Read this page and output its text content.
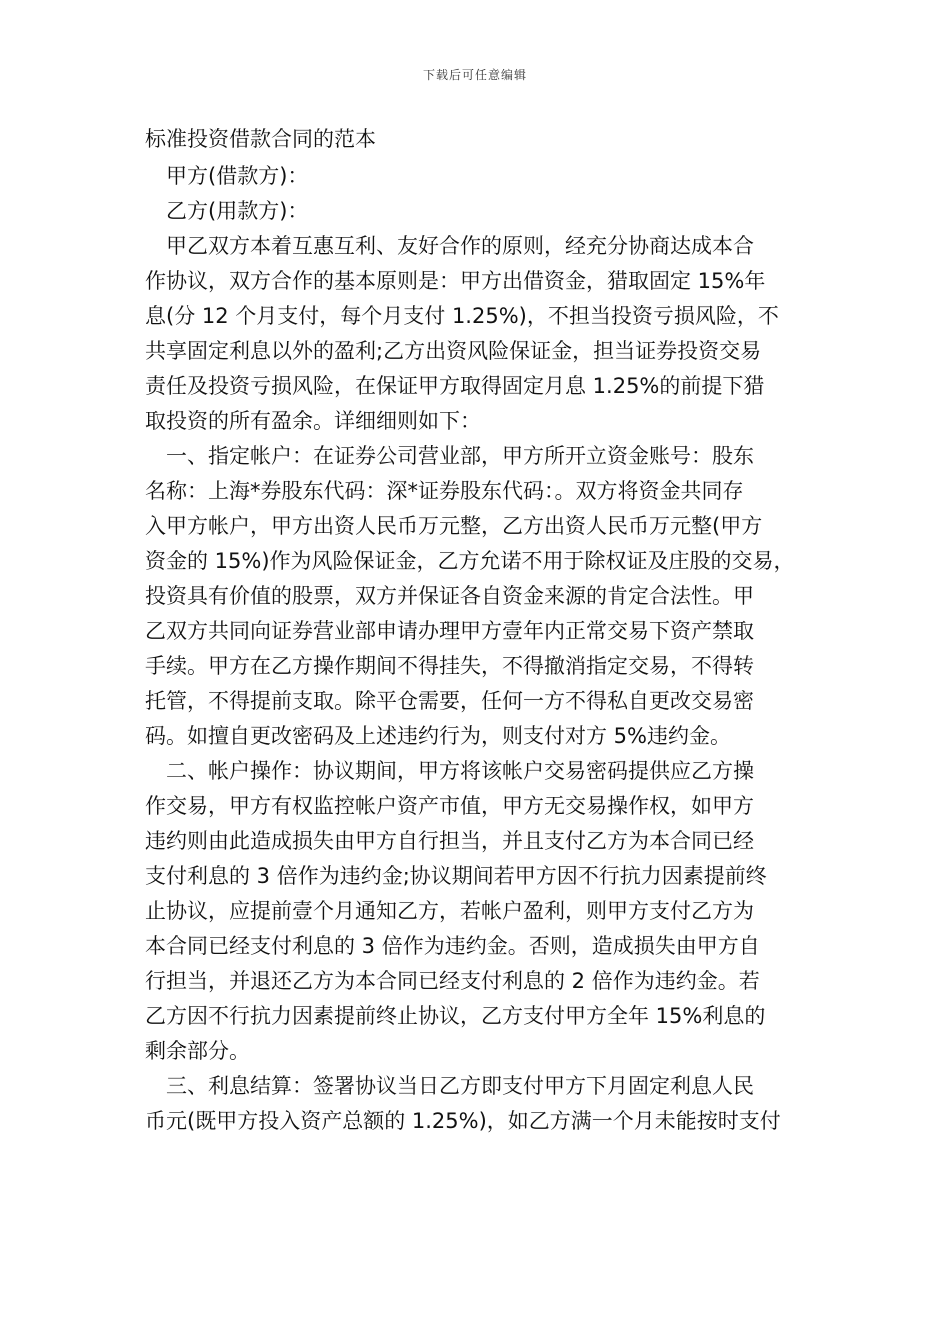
下载后可任意编辑
标准投资借款合同的范本
甲方(借款方)：
乙方(用款方)：
甲乙双方本着互惠互利、友好合作的原则，经充分协商达成本合
作协议，双方合作的基本原则是：甲方出借资金，猎取固定 15%年
息(分 12 个月支付，每个月支付 1.25%)，不担当投资亏损风险，不
共享固定利息以外的盈利;乙方出资风险保证金，担当证券投资交易
责任及投资亏损风险，在保证甲方取得固定月息 1.25%的前提下猎
取投资的所有盈余。详细细则如下：
一、指定帐户：在证券公司营业部，甲方所开立资金账号：股东
名称：上海*券股东代码：深*证券股东代码：。双方将资金共同存
入甲方帐户，甲方出资人民币万元整，乙方出资人民币万元整(甲方
资金的 15%)作为风险保证金，乙方允诺不用于除权证及庄股的交易，
投资具有价值的股票，双方并保证各自资金来源的肯定合法性。甲
乙双方共同向证券营业部申请办理甲方壹年内正常交易下资产禁取
手续。甲方在乙方操作期间不得挂失，不得撤消指定交易，不得转
托管，不得提前支取。除平仓需要，任何一方不得私自更改交易密
码。如擅自更改密码及上述违约行为，则支付对方 5%违约金。
二、帐户操作：协议期间，甲方将该帐户交易密码提供应乙方操
作交易，甲方有权监控帐户资产市值，甲方无交易操作权，如甲方
违约则由此造成损失由甲方自行担当，并且支付乙方为本合同已经
支付利息的 3 倍作为违约金;协议期间若甲方因不行抗力因素提前终
止协议，应提前壹个月通知乙方，若帐户盈利，则甲方支付乙方为
本合同已经支付利息的 3 倍作为违约金。否则，造成损失由甲方自
行担当，并退还乙方为本合同已经支付利息的 2 倍作为违约金。若
乙方因不行抗力因素提前终止协议，乙方支付甲方全年 15%利息的
剩余部分。
三、利息结算：签署协议当日乙方即支付甲方下月固定利息人民
币元(既甲方投入资产总额的 1.25%)，如乙方满一个月未能按时支付
